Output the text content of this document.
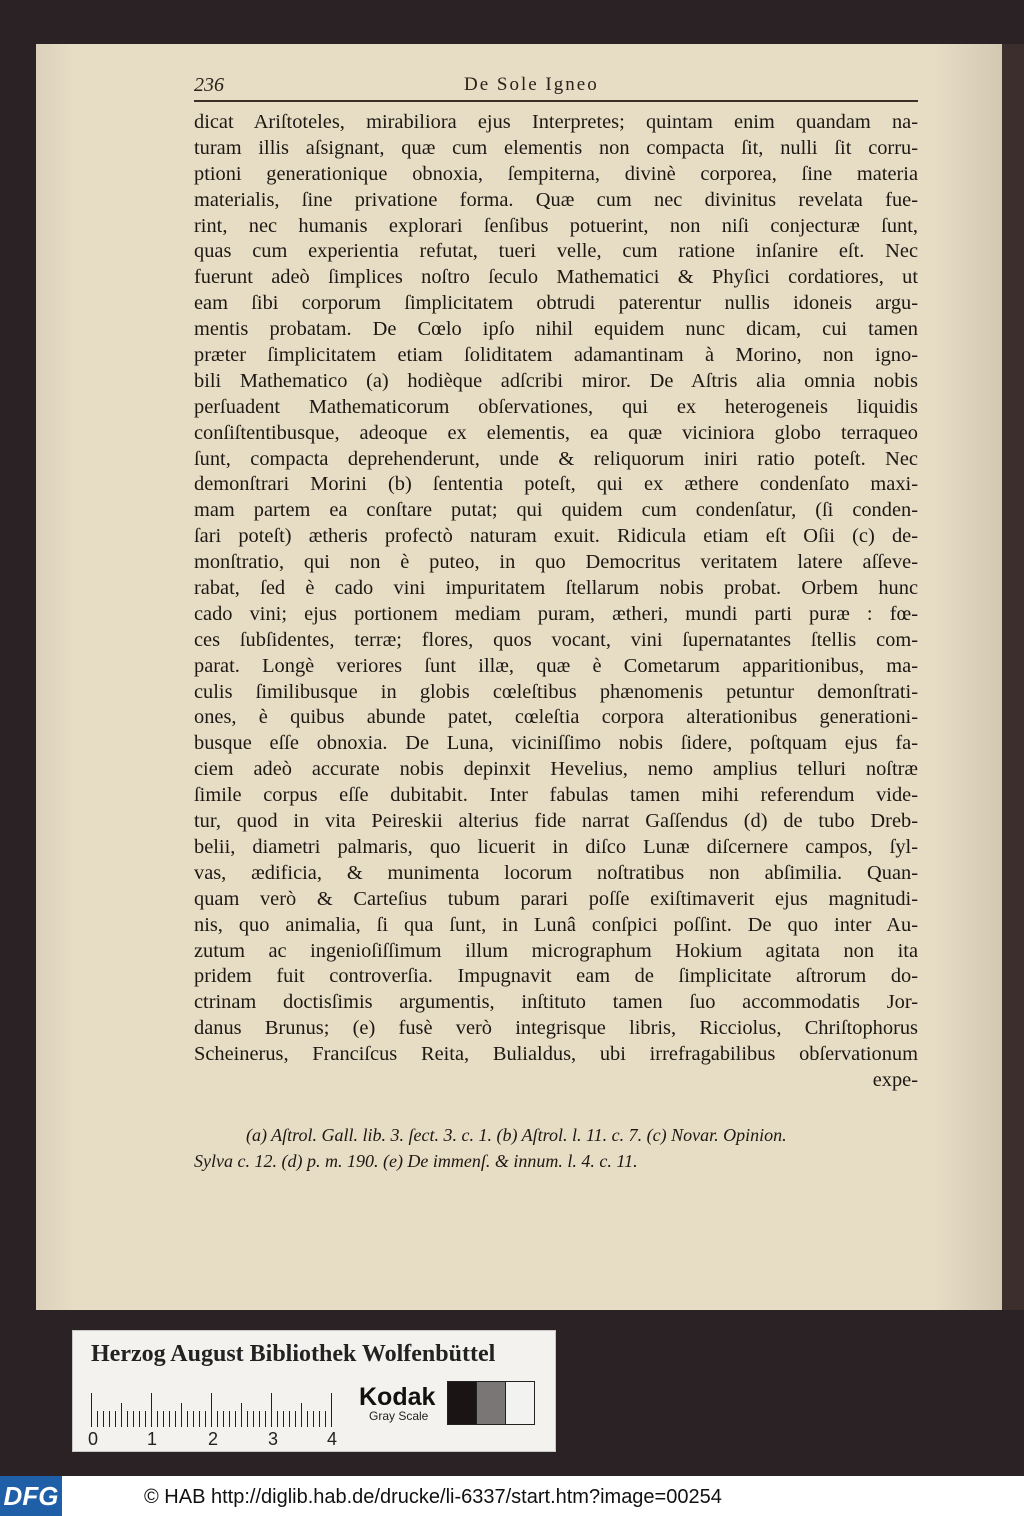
236	De Sole Igneo
dicat Ariſtoteles, mirabiliora ejus Interpretes; quintam enim quandam na-
turam illis aſsignant, quæ cum elementis non compacta ſit, nulli ſit corru-
ptioni generationique obnoxia, ſempiterna, divinè corporea, ſine materia
materialis, ſine privatione forma. Quæ cum nec divinitus revelata fue-
rint, nec humanis explorari ſenſibus potuerint, non niſi conjecturæ ſunt,
quas cum experientia refutat, tueri velle, cum ratione inſanire eſt. Nec
fuerunt adeò ſimplices noſtro ſeculo Mathematici & Phyſici cordatiores, ut
eam ſibi corporum ſimplicitatem obtrudi paterentur nullis idoneis argu-
mentis probatam. De Cœlo ipſo nihil equidem nunc dicam, cui tamen
præter ſimplicitatem etiam ſoliditatem adamantinam à Morino, non igno-
bili Mathematico (a) hodièque adſcribi miror. De Aſtris alia omnia nobis
perſuadent Mathematicorum obſervationes, qui ex heterogeneis liquidis
conſiſtentibusque, adeoque ex elementis, ea quæ viciniora globo terraqueo
ſunt, compacta deprehenderunt, unde & reliquorum iniri ratio poteſt. Nec
demonſtrari Morini (b) ſententia poteſt, qui ex æthere condenſato maxi-
mam partem ea conſtare putat; qui quidem cum condenſatur, (ſi conden-
ſari poteſt) ætheris profectò naturam exuit. Ridicula etiam eſt Oſii (c) de-
monſtratio, qui non è puteo, in quo Democritus veritatem latere aſſeve-
rabat, ſed è cado vini impuritatem ſtellarum nobis probat. Orbem hunc
cado vini; ejus portionem mediam puram, ætheri, mundi parti puræ : fœ-
ces ſubſidentes, terræ; flores, quos vocant, vini ſupernatantes ſtellis com-
parat. Longè veriores ſunt illæ, quæ è Cometarum apparitionibus, ma-
culis ſimilibusque in globis cœleſtibus phænomenis petuntur demonſtrati-
ones, è quibus abunde patet, cœleſtia corpora alterationibus generationi-
busque eſſe obnoxia. De Luna, viciniſſimo nobis ſidere, poſtquam ejus fa-
ciem adeò accurate nobis depinxit Hevelius, nemo amplius telluri noſtræ
ſimile corpus eſſe dubitabit. Inter fabulas tamen mihi referendum vide-
tur, quod in vita Peireskii alterius fide narrat Gaſſendus (d) de tubo Dreb-
belii, diametri palmaris, quo licuerit in diſco Lunæ diſcernere campos, ſyl-
vas, ædificia, & munimenta locorum noſtratibus non abſimilia. Quan-
quam verò & Carteſius tubum parari poſſe exiſtimaverit ejus magnitudi-
nis, quo animalia, ſi qua ſunt, in Lunâ conſpici poſſint. De quo inter Au-
zutum ac ingenioſiſſimum illum micrographum Hokium agitata non ita
pridem fuit controverſia. Impugnavit eam de ſimplicitate aſtrorum do-
ctrinam doctisſimis argumentis, inſtituto tamen ſuo accommodatis Jor-
danus Brunus; (e) fusè verò integrisque libris, Ricciolus, Chriſtophorus
Scheinerus, Franciſcus Reita, Bulialdus, ubi irrefragabilibus obſervationum
expe-
(a) Aſtrol. Gall. lib. 3. ſect. 3. c. 1. (b) Aſtrol. l. 11. c. 7. (c) Novar. Opinion.
Sylva c. 12. (d) p. m. 190. (e) De immenſ. & innum. l. 4. c. 11.
Herzog August Bibliothek Wolfenbüttel
0	1	2	3	4
Kodak
Gray Scale
DFG	© HAB http://diglib.hab.de/drucke/li-6337/start.htm?image=00254
